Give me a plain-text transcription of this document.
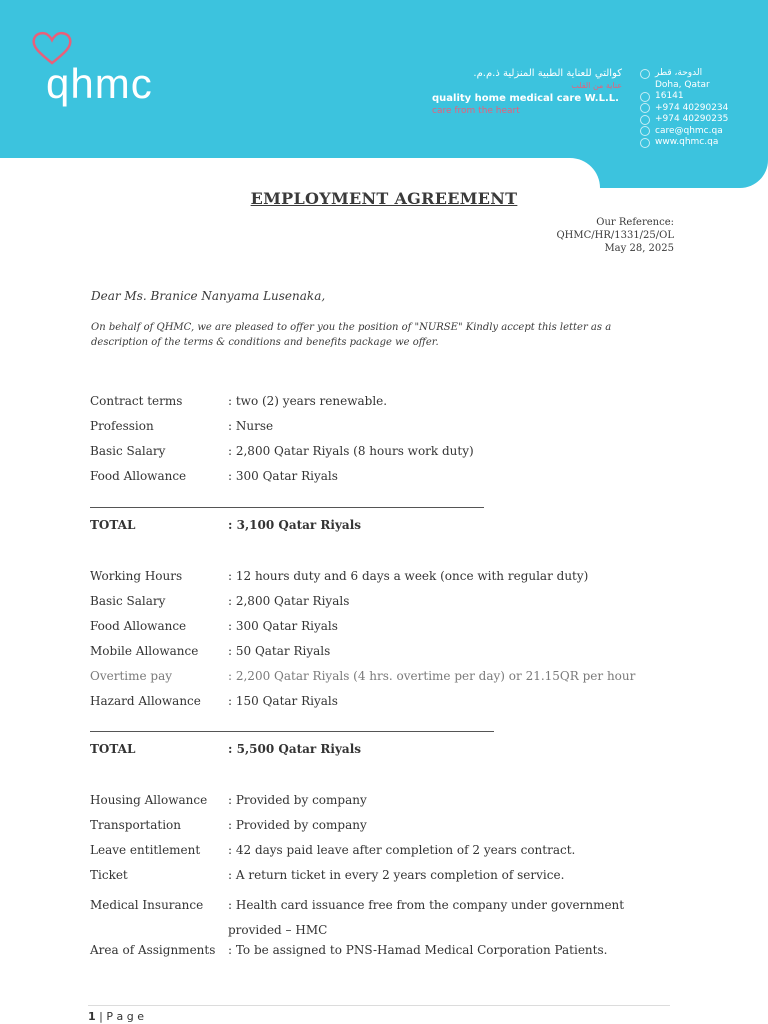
qhmc	كوالتي للعناية الطبية المنزلية ذ.م.م.
عناية من القلب
quality home medical care W.L.L.
care from the heart
الدوحة، قطر
Doha, Qatar
16141
+974 40290234
+974 40290235
care@qhmc.qa
www.qhmc.qa
EMPLOYMENT AGREEMENT
Our Reference:
QHMC/HR/1331/25/OL
May 28, 2025
Dear Ms. Branice Nanyama Lusenaka,
On behalf of QHMC, we are pleased to offer you the position of "NURSE" Kindly accept this letter as a description of the terms & conditions and benefits package we offer.
Contract terms	: two (2) years renewable.
Profession	: Nurse
Basic Salary	: 2,800 Qatar Riyals (8 hours work duty)
Food Allowance	: 300 Qatar Riyals
TOTAL	: 3,100 Qatar Riyals
Working Hours	: 12 hours duty and 6 days a week (once with regular duty)
Basic Salary	: 2,800 Qatar Riyals
Food Allowance	: 300 Qatar Riyals
Mobile Allowance	: 50 Qatar Riyals
Overtime pay	: 2,200 Qatar Riyals (4 hrs. overtime per day) or 21.15QR per hour
Hazard Allowance	: 150 Qatar Riyals
TOTAL	: 5,500 Qatar Riyals
Housing Allowance	: Provided by company
Transportation	: Provided by company
Leave entitlement	: 42 days paid leave after completion of 2 years contract.
Ticket	: A return ticket in every 2 years completion of service.
Medical Insurance	: Health card issuance free from the company under government provided – HMC
Area of Assignments	: To be assigned to PNS-Hamad Medical Corporation Patients.
1 | P a g e
